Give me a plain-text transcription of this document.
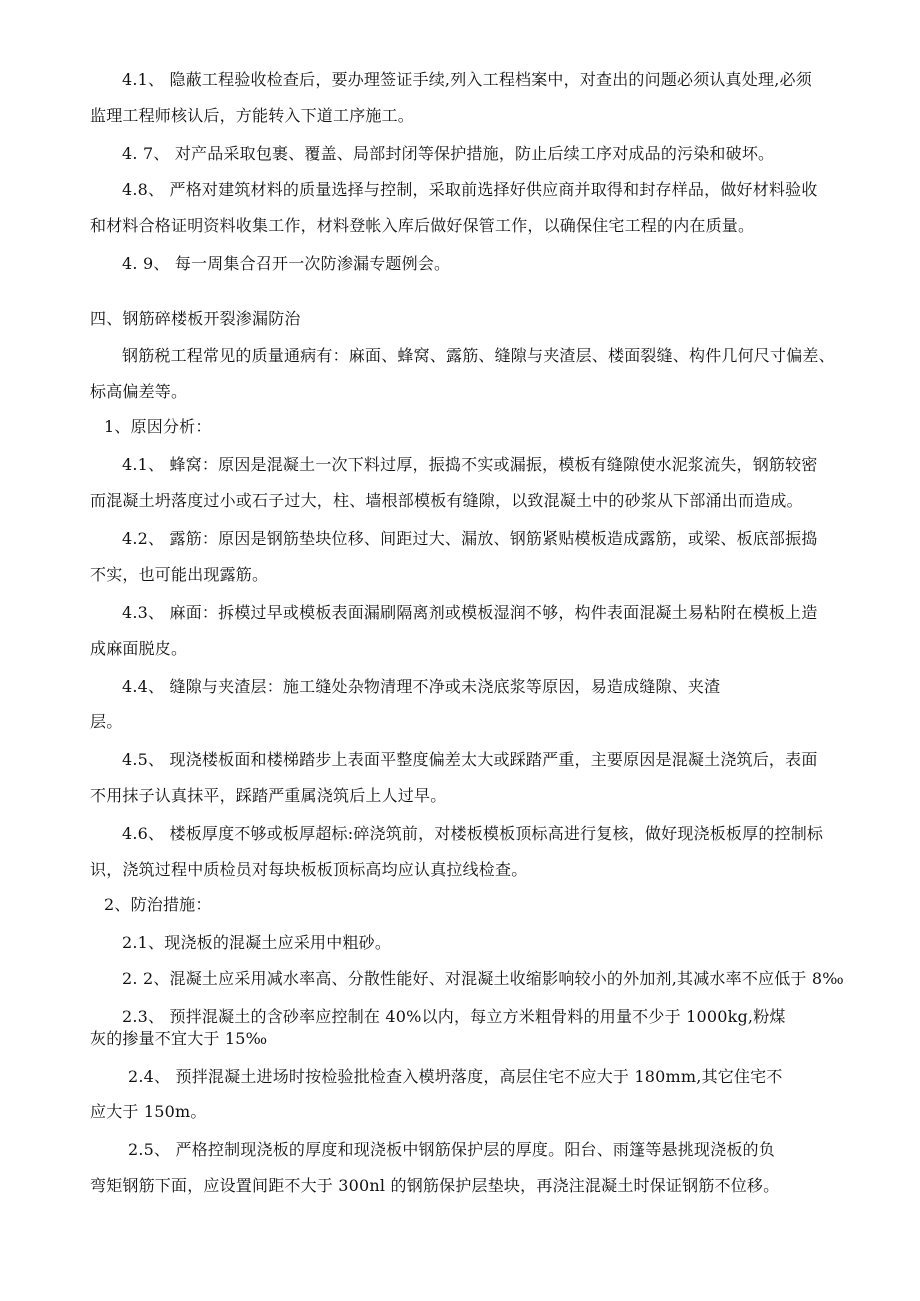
4.1、 隐蔽工程验收检查后，要办理签证手续,列入工程档案中，对查出的问题必须认真处理,必须
监理工程师核认后，方能转入下道工序施工。
4. 7、 对产品采取包裹、覆盖、局部封闭等保护措施，防止后续工序对成品的污染和破坏。
4.8、 严格对建筑材料的质量选择与控制，采取前选择好供应商并取得和封存样品，做好材料验收
和材料合格证明资料收集工作，材料登帐入库后做好保管工作，以确保住宅工程的内在质量。
4. 9、 每一周集合召开一次防渗漏专题例会。
四、钢筋碎楼板开裂渗漏防治
钢筋税工程常见的质量通病有：麻面、蜂窝、露筋、缝隙与夹渣层、楼面裂缝、构件几何尺寸偏差、
标高偏差等。
1、原因分析：
4.1、 蜂窝：原因是混凝土一次下料过厚，振捣不实或漏振，模板有缝隙使水泥浆流失，钢筋较密
而混凝土坍落度过小或石子过大，柱、墙根部模板有缝隙，以致混凝土中的砂浆从下部涌出而造成。
4.2、 露筋：原因是钢筋垫块位移、间距过大、漏放、钢筋紧贴模板造成露筋，或梁、板底部振捣
不实，也可能出现露筋。
4.3、 麻面：拆模过早或模板表面漏刷隔离剂或模板湿润不够，构件表面混凝土易粘附在模板上造
成麻面脱皮。
4.4、 缝隙与夹渣层：施工缝处杂物清理不净或未浇底浆等原因，易造成缝隙、夹渣
层。
4.5、 现浇楼板面和楼梯踏步上表面平整度偏差太大或踩踏严重，主要原因是混凝土浇筑后，表面
不用抹子认真抹平，踩踏严重属浇筑后上人过早。
4.6、 楼板厚度不够或板厚超标:碎浇筑前，对楼板模板顶标高进行复核，做好现浇板板厚的控制标
识，浇筑过程中质检员对每块板板顶标高均应认真拉线检查。
2、防治措施：
2.1、现浇板的混凝土应采用中粗砂。
2. 2、混凝土应采用减水率高、分散性能好、对混凝土收缩影响较小的外加剂,其减水率不应低于 8‰
2.3、 预拌混凝土的含砂率应控制在 40%以内，每立方米粗骨料的用量不少于 1000kg,粉煤
灰的掺量不宜大于 15‰
2.4、 预拌混凝土进场时按检验批检查入模坍落度，高层住宅不应大于 180mm,其它住宅不
应大于 150m。
2.5、 严格控制现浇板的厚度和现浇板中钢筋保护层的厚度。阳台、雨篷等悬挑现浇板的负
弯矩钢筋下面，应设置间距不大于 300nl 的钢筋保护层垫块，再浇注混凝土时保证钢筋不位移。
